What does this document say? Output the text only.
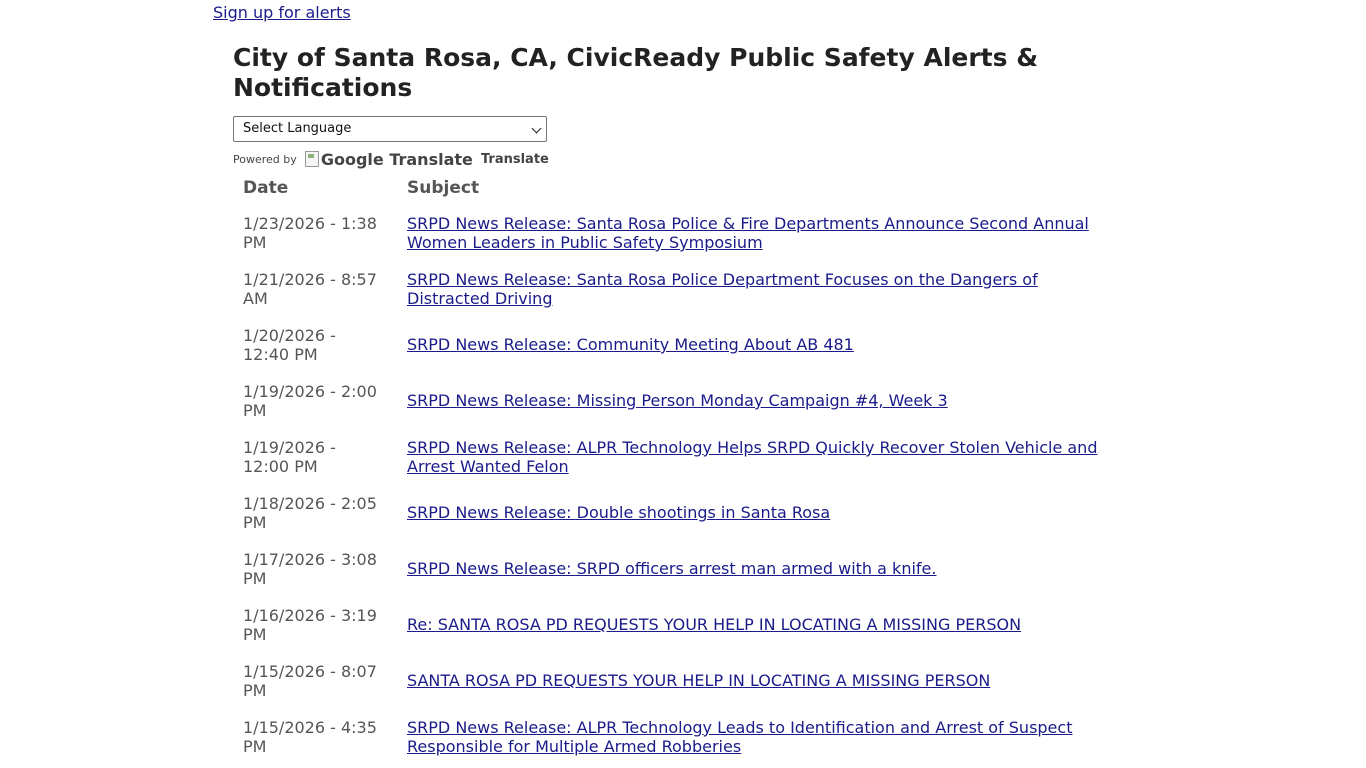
Sign up for alerts
City of Santa Rosa, CA, CivicReady Public Safety Alerts & Notifications
Select Language
Powered by Google Translate Translate
Date	Subject
1/23/2026 - 1:38 PM	SRPD News Release: Santa Rosa Police & Fire Departments Announce Second Annual Women Leaders in Public Safety Symposium
1/21/2026 - 8:57 AM	SRPD News Release: Santa Rosa Police Department Focuses on the Dangers of Distracted Driving
1/20/2026 - 12:40 PM	SRPD News Release: Community Meeting About AB 481
1/19/2026 - 2:00 PM	SRPD News Release: Missing Person Monday Campaign #4, Week 3
1/19/2026 - 12:00 PM	SRPD News Release: ALPR Technology Helps SRPD Quickly Recover Stolen Vehicle and Arrest Wanted Felon
1/18/2026 - 2:05 PM	SRPD News Release: Double shootings in Santa Rosa
1/17/2026 - 3:08 PM	SRPD News Release: SRPD officers arrest man armed with a knife.
1/16/2026 - 3:19 PM	Re: SANTA ROSA PD REQUESTS YOUR HELP IN LOCATING A MISSING PERSON
1/15/2026 - 8:07 PM	SANTA ROSA PD REQUESTS YOUR HELP IN LOCATING A MISSING PERSON
1/15/2026 - 4:35 PM	SRPD News Release: ALPR Technology Leads to Identification and Arrest of Suspect Responsible for Multiple Armed Robberies
